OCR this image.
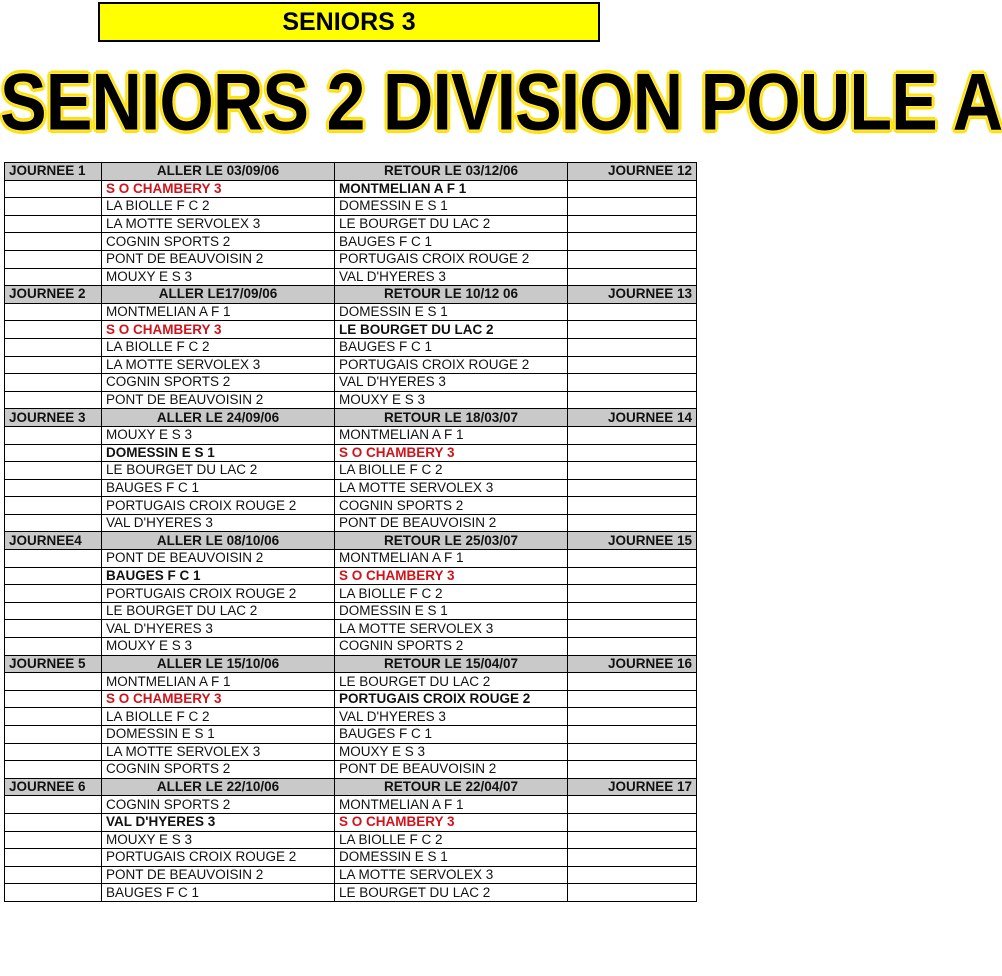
SENIORS 3
SENIORS 2 DIVISION POULE A
JOURNEE 1	ALLER LE 03/09/06	RETOUR LE 03/12/06	JOURNEE 12
	S O CHAMBERY 3	MONTMELIAN A F 1	
	LA BIOLLE F C 2	DOMESSIN E S 1	
	LA MOTTE SERVOLEX 3	LE BOURGET DU LAC 2	
	COGNIN SPORTS 2	BAUGES F C 1	
	PONT DE BEAUVOISIN 2	PORTUGAIS CROIX ROUGE 2	
	MOUXY E S 3	VAL D'HYERES 3	
JOURNEE 2	ALLER LE17/09/06	RETOUR LE 10/12 06	JOURNEE 13
	MONTMELIAN A F 1	DOMESSIN E S 1	
	S O CHAMBERY 3	LE BOURGET DU LAC 2	
	LA BIOLLE F C 2	BAUGES F C 1	
	LA MOTTE SERVOLEX 3	PORTUGAIS CROIX ROUGE 2	
	COGNIN SPORTS 2	VAL D'HYERES 3	
	PONT DE BEAUVOISIN 2	MOUXY E S 3	
JOURNEE 3	ALLER LE 24/09/06	RETOUR LE 18/03/07	JOURNEE 14
	MOUXY E S 3	MONTMELIAN A F 1	
	DOMESSIN E S 1	S O CHAMBERY 3	
	LE BOURGET DU LAC 2	LA BIOLLE F C 2	
	BAUGES F C 1	LA MOTTE SERVOLEX 3	
	PORTUGAIS CROIX ROUGE 2	COGNIN SPORTS 2	
	VAL D'HYERES 3	PONT DE BEAUVOISIN 2	
JOURNEE4	ALLER LE 08/10/06	RETOUR LE 25/03/07	JOURNEE 15
	PONT DE BEAUVOISIN 2	MONTMELIAN A F 1	
	BAUGES F C 1	S O CHAMBERY 3	
	PORTUGAIS CROIX ROUGE 2	LA BIOLLE F C 2	
	LE BOURGET DU LAC 2	DOMESSIN E S 1	
	VAL D'HYERES 3	LA MOTTE SERVOLEX 3	
	MOUXY E S 3	COGNIN SPORTS 2	
JOURNEE 5	ALLER LE 15/10/06	RETOUR LE 15/04/07	JOURNEE 16
	MONTMELIAN A F 1	LE BOURGET DU LAC 2	
	S O CHAMBERY 3	PORTUGAIS CROIX ROUGE 2	
	LA BIOLLE F C 2	VAL D'HYERES 3	
	DOMESSIN E S 1	BAUGES F C 1	
	LA MOTTE SERVOLEX 3	MOUXY E S 3	
	COGNIN SPORTS 2	PONT DE BEAUVOISIN 2	
JOURNEE 6	ALLER LE 22/10/06	RETOUR LE 22/04/07	JOURNEE 17
	COGNIN SPORTS 2	MONTMELIAN A F 1	
	VAL D'HYERES 3	S O CHAMBERY 3	
	MOUXY E S 3	LA BIOLLE F C 2	
	PORTUGAIS CROIX ROUGE 2	DOMESSIN E S 1	
	PONT DE BEAUVOISIN 2	LA MOTTE SERVOLEX 3	
	BAUGES F C 1	LE BOURGET DU LAC 2	
